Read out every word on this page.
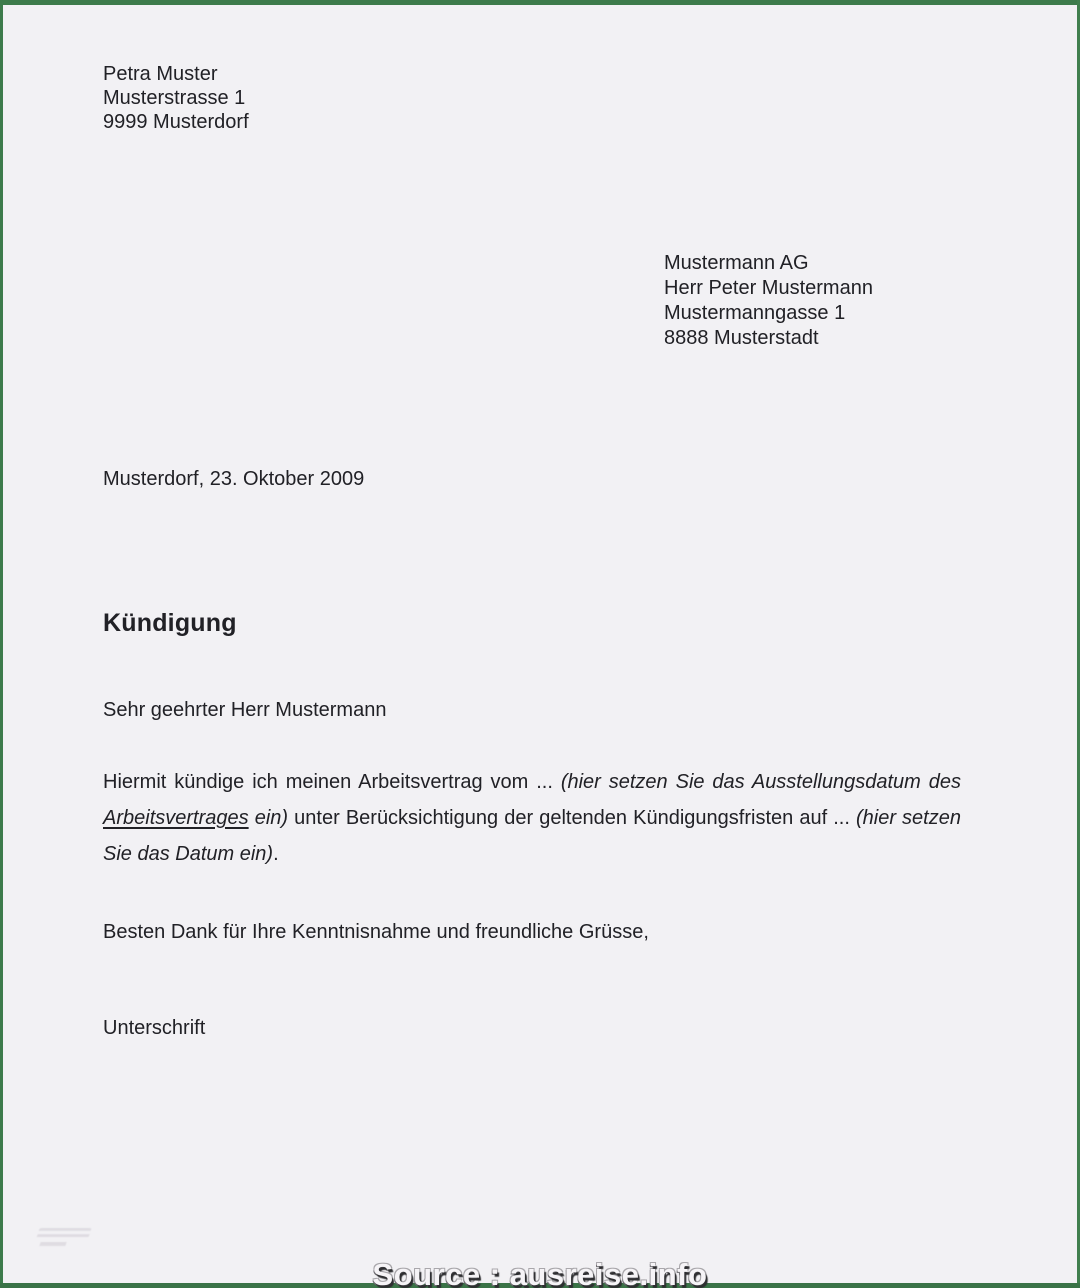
Petra Muster
Musterstrasse 1
9999 Musterdorf
Mustermann AG
Herr Peter Mustermann
Mustermanngasse 1
8888 Musterstadt
Musterdorf, 23. Oktober 2009
Kündigung
Sehr geehrter Herr Mustermann
Hiermit kündige ich meinen Arbeitsvertrag vom ... (hier setzen Sie das Ausstellungsdatum des Arbeitsvertrages ein) unter Berücksichtigung der geltenden Kündigungsfristen auf ... (hier setzen Sie das Datum ein).
Besten Dank für Ihre Kenntnisnahme und freundliche Grüsse,
Unterschrift
Source : ausreise.info
